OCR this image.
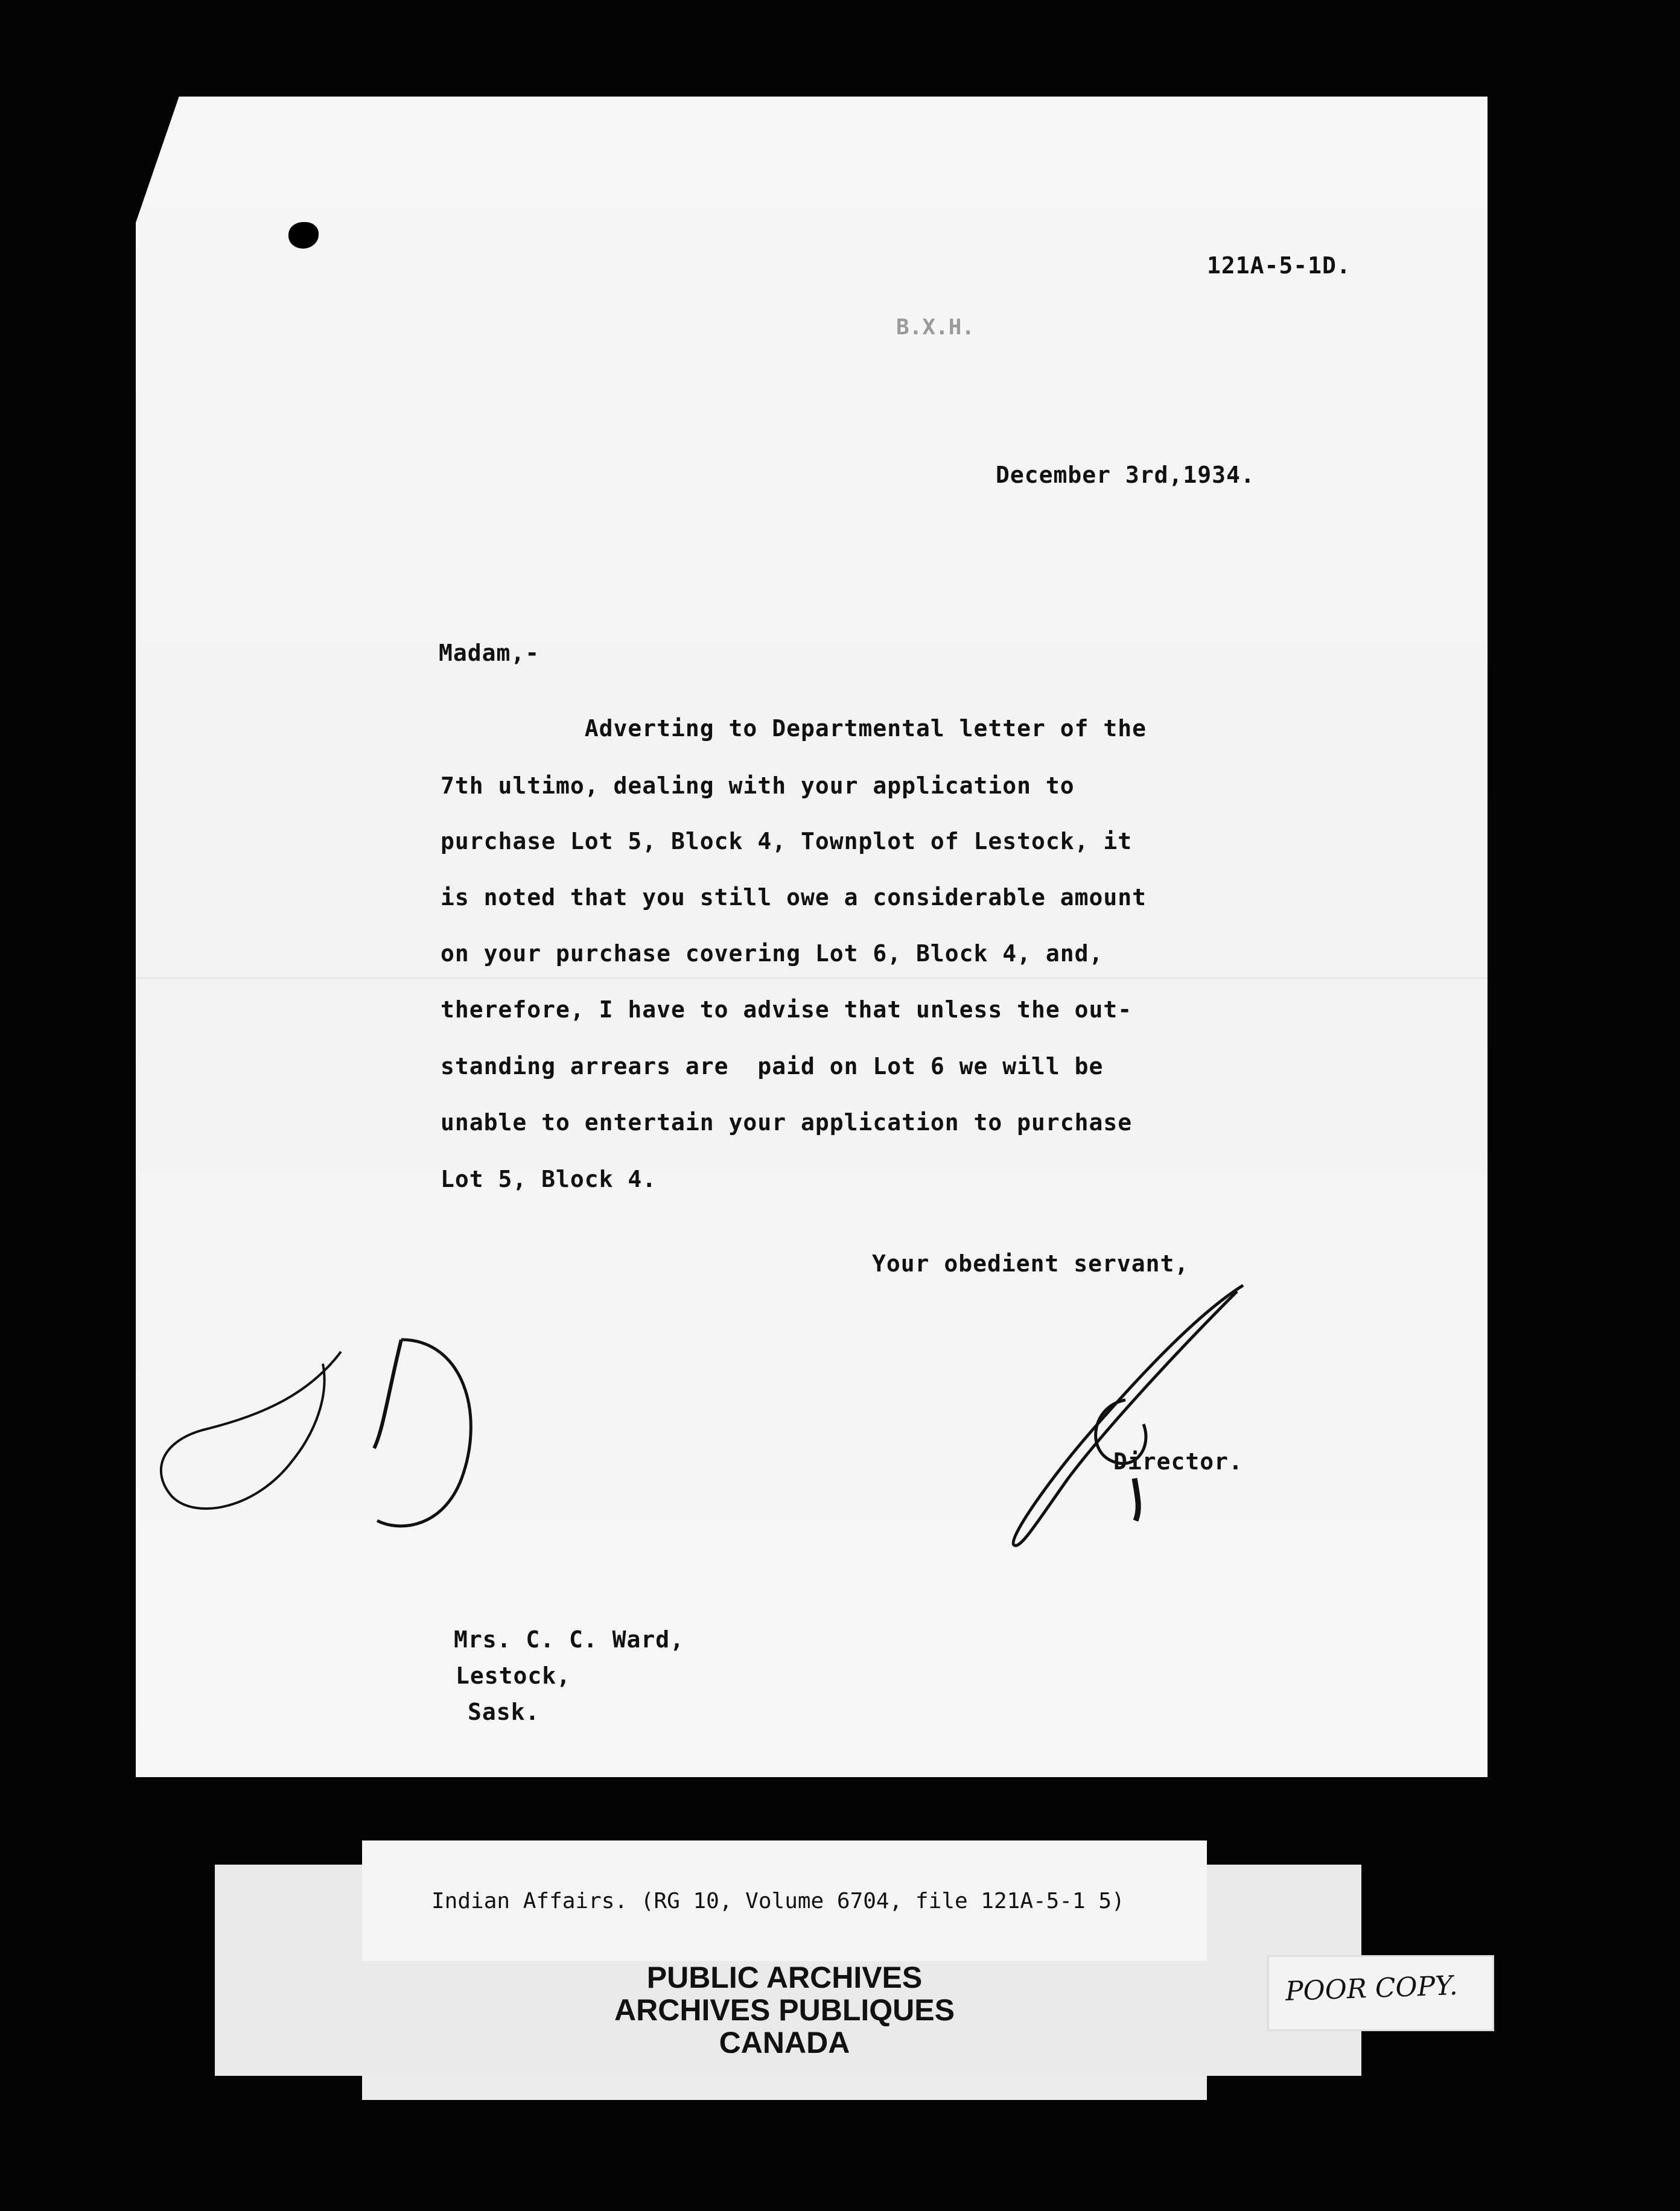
121A-5-1D.
B.X.H.
December 3rd,1934.
Madam,-
Adverting to Departmental letter of the
7th ultimo, dealing with your application to
purchase Lot 5, Block 4, Townplot of Lestock, it
is noted that you still owe a considerable amount
on your purchase covering Lot 6, Block 4, and,
therefore, I have to advise that unless the out-
standing arrears are  paid on Lot 6 we will be
unable to entertain your application to purchase
Lot 5, Block 4.
Your obedient servant,
Director.
Mrs. C. C. Ward,
Lestock,
Sask.
Indian Affairs. (RG 10, Volume 6704, file 121A-5-1 5)
PUBLIC ARCHIVES
ARCHIVES PUBLIQUES
CANADA
POOR COPY.
